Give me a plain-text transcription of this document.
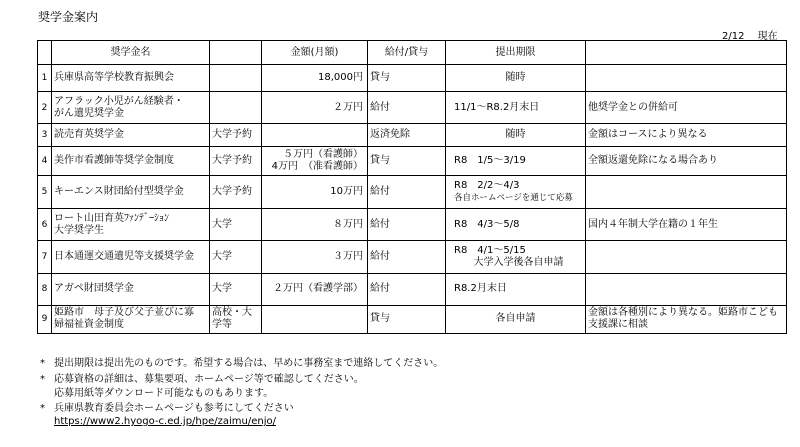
奨学金案内
2/12　 現在
	奨学金名		金額(月額)	給付/貸与	提出期限	
1	兵庫県高等学校教育振興会		18,000円	貸与	随時	

2	アフラック小児がん経験者・
がん遺児奨学金		２万円	給付	11/1～R8.2月末日	他奨学金との併給可
3	読売育英奨学金	大学予約		返済免除	随時	金額はコースにより異なる
4	美作市看護師等奨学金制度	大学予約	５万円（看護師）
4万円　（准看護師）	貸与	R8　1/5～3/19	全額返還免除になる場合あり
5	キーエンス財団給付型奨学金	大学予約	10万円	給付	R8　2/2～4/3
各自ホームページを通じて応募	

6	ロート山田育英ﾌｧﾝﾃﾞｰｼｮﾝ
大学奨学生	大学	８万円	給付	R8　4/3～5/8	国内４年制大学在籍の１年生
7	日本通運交通遺児等支援奨学金	大学	３万円	給付	R8　4/1～5/15
大学入学後各自申請	

8	アガペ財団奨学金	大学	２万円（看護学部）	給付	R8.2月末日	

9	姫路市　母子及び父子並びに寡
婦福祉資金制度	高校・大学等		貸与	各自申請	金額は各種別により異なる。姫路市こども支援課に相談
* 提出期限は提出先のものです。希望する場合は、早めに事務室まで連絡してください。
* 応募資格の詳細は、募集要項、ホームページ等で確認してください。
応募用紙等ダウンロード可能なものもあります。
* 兵庫県教育委員会ホームページも参考にしてください
https://www2.hyogo-c.ed.jp/hpe/zaimu/enjo/
